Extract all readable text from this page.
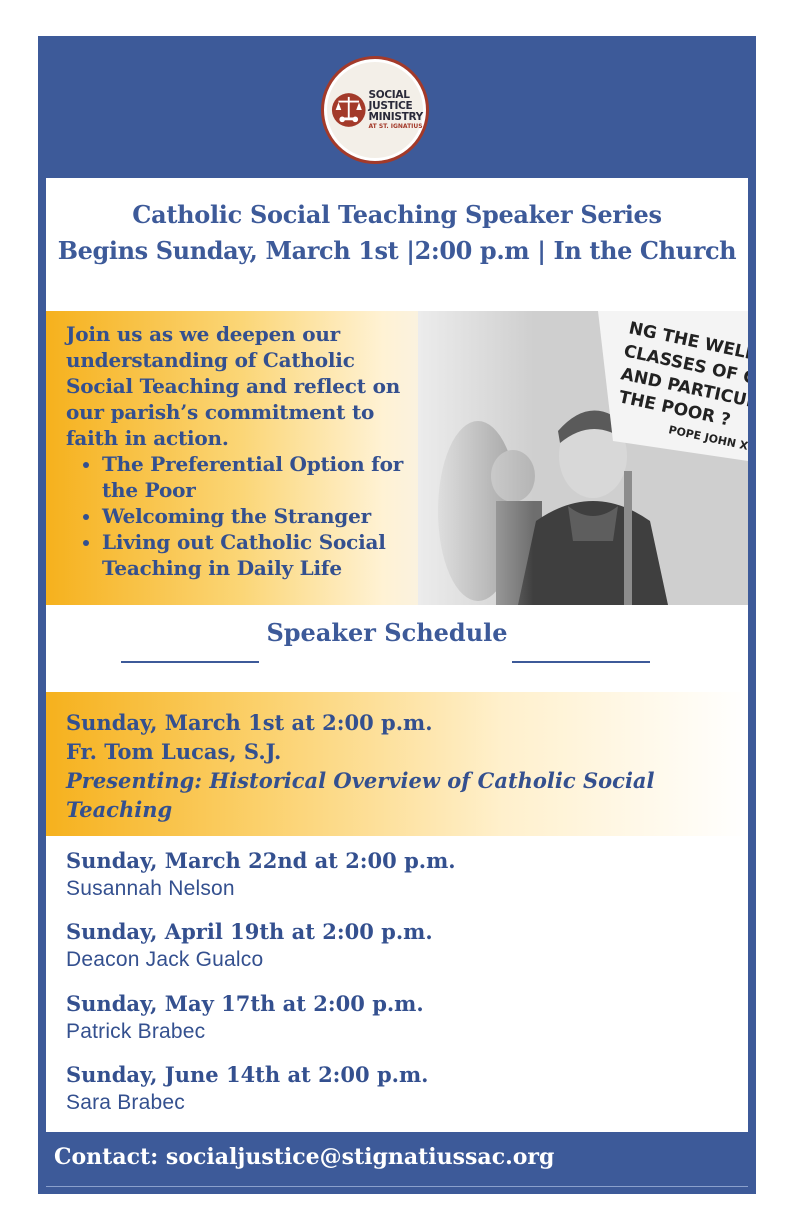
SOCIAL
JUSTICE
MINISTRY
AT ST. IGNATIUS
Catholic Social Teaching Speaker Series
Begins Sunday, March 1st |2:00 p.m | In the Church
Join us as we deepen our understanding of Catholic Social Teaching and reflect on our parish’s commitment to faith in action.
• The Preferential Option for the Poor
• Welcoming the Stranger
• Living out Catholic Social Teaching in Daily Life
Speaker Schedule
Sunday, March 1st at 2:00 p.m.
Fr. Tom Lucas, S.J.
Presenting: Historical Overview of Catholic Social Teaching
Sunday, March 22nd at 2:00 p.m.
Susannah Nelson
Sunday, April 19th at 2:00 p.m.
Deacon Jack Gualco
Sunday, May 17th at 2:00 p.m.
Patrick Brabec
Sunday, June 14th at 2:00 p.m.
Sara Brabec
Contact: socialjustice@stignatiussac.org
